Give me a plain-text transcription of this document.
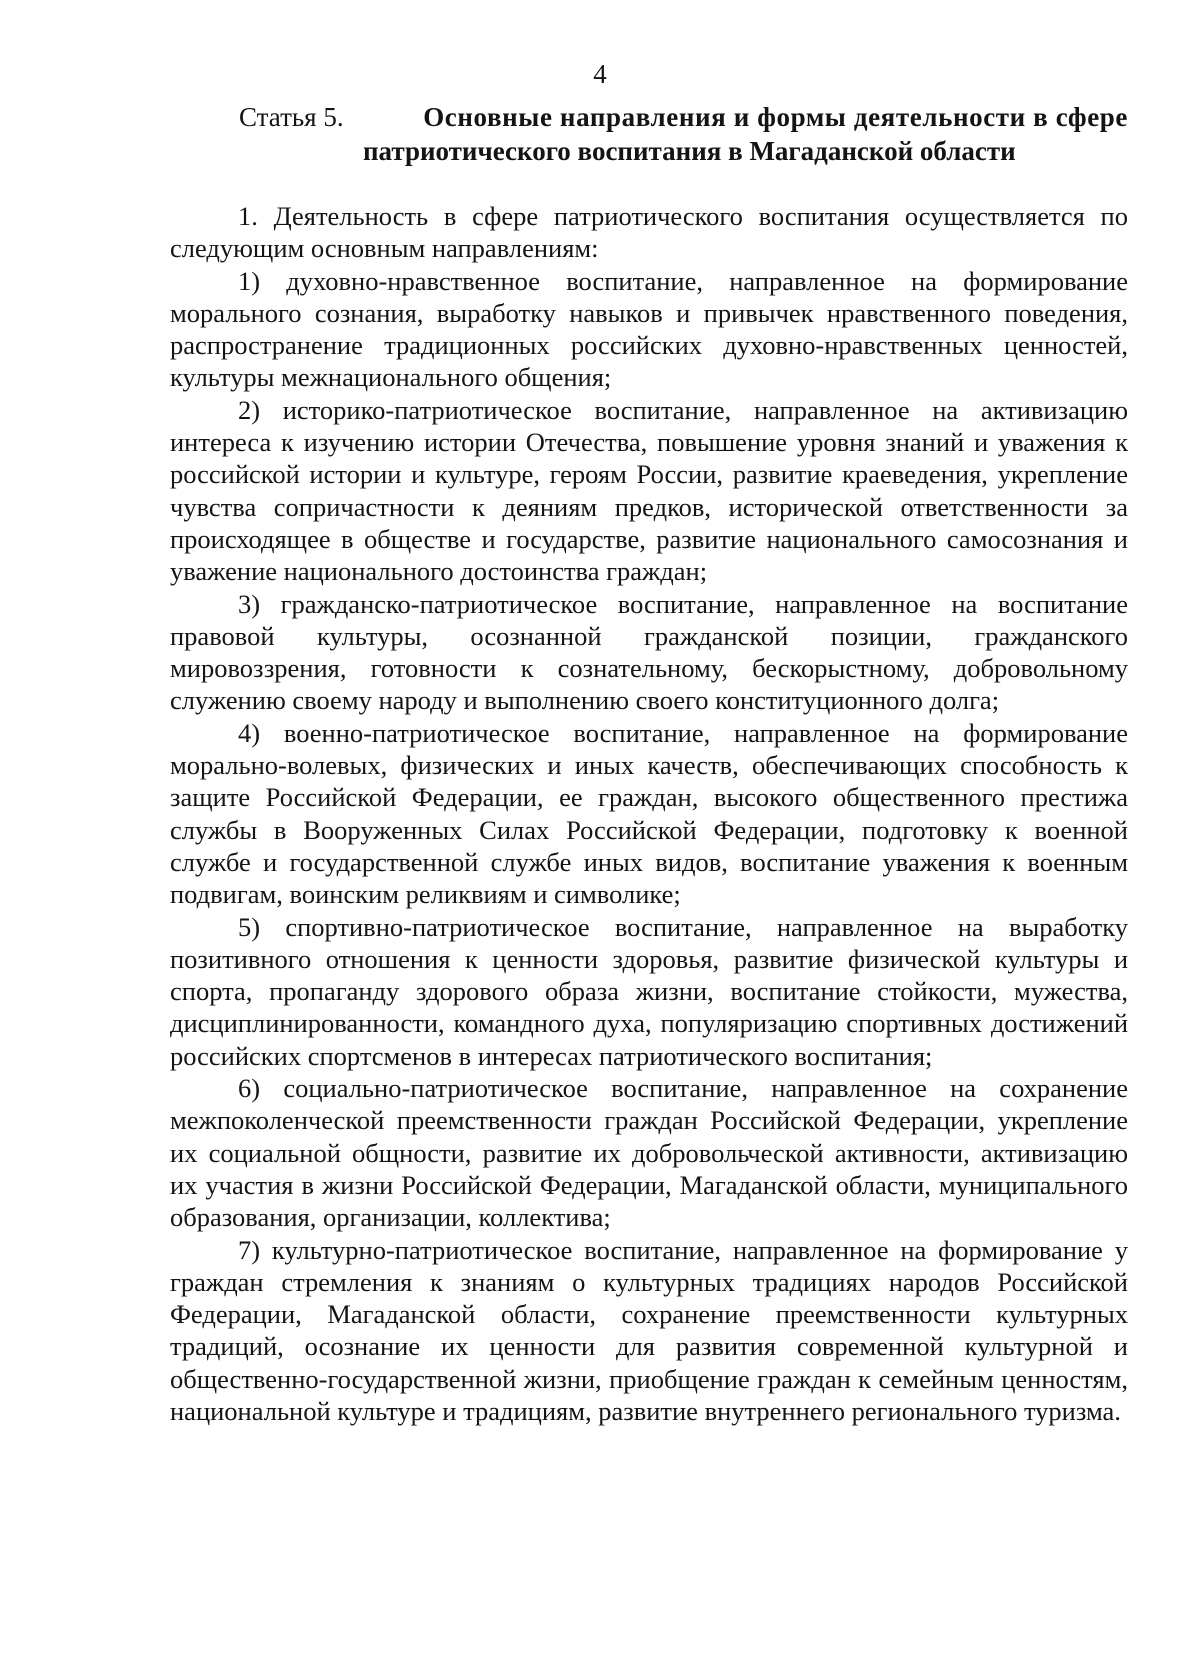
4
Статья 5.	Основные направления и формы деятельности в сфере
патриотического воспитания в Магаданской области

1. Деятельность в сфере патриотического воспитания осуществляется по следующим основным направлениям:

1) духовно-нравственное воспитание, направленное на формирование морального сознания, выработку навыков и привычек нравственного поведения, распространение традиционных российских духовно-нравственных ценностей, культуры межнационального общения;

2) историко-патриотическое воспитание, направленное на активизацию интереса к изучению истории Отечества, повышение уровня знаний и уважения к российской истории и культуре, героям России, развитие краеведения, укрепление чувства сопричастности к деяниям предков, исторической ответственности за происходящее в обществе и государстве, развитие национального самосознания и уважение национального достоинства граждан;

3) гражданско-патриотическое воспитание, направленное на воспитание правовой культуры, осознанной гражданской позиции, гражданского мировоззрения, готовности к сознательному, бескорыстному, добровольному служению своему народу и выполнению своего конституционного долга;

4) военно-патриотическое воспитание, направленное на формирование морально-волевых, физических и иных качеств, обеспечивающих способность к защите Российской Федерации, ее граждан, высокого общественного престижа службы в Вооруженных Силах Российской Федерации, подготовку к военной службе и государственной службе иных видов, воспитание уважения к военным подвигам, воинским реликвиям и символике;

5) спортивно-патриотическое воспитание, направленное на выработку позитивного отношения к ценности здоровья, развитие физической культуры и спорта, пропаганду здорового образа жизни, воспитание стойкости, мужества, дисциплинированности, командного духа, популяризацию спортивных достижений российских спортсменов в интересах патриотического воспитания;

6) социально-патриотическое воспитание, направленное на сохранение межпоколенческой преемственности граждан Российской Федерации, укрепление их социальной общности, развитие их добровольческой активности, активизацию их участия в жизни Российской Федерации, Магаданской области, муниципального образования, организации, коллектива;

7) культурно-патриотическое воспитание, направленное на формирование у граждан стремления к знаниям о культурных традициях народов Российской Федерации, Магаданской области, сохранение преемственности культурных традиций, осознание их ценности для развития современной культурной и общественно-государственной жизни, приобщение граждан к семейным ценностям, национальной культуре и традициям, развитие внутреннего регионального туризма.
